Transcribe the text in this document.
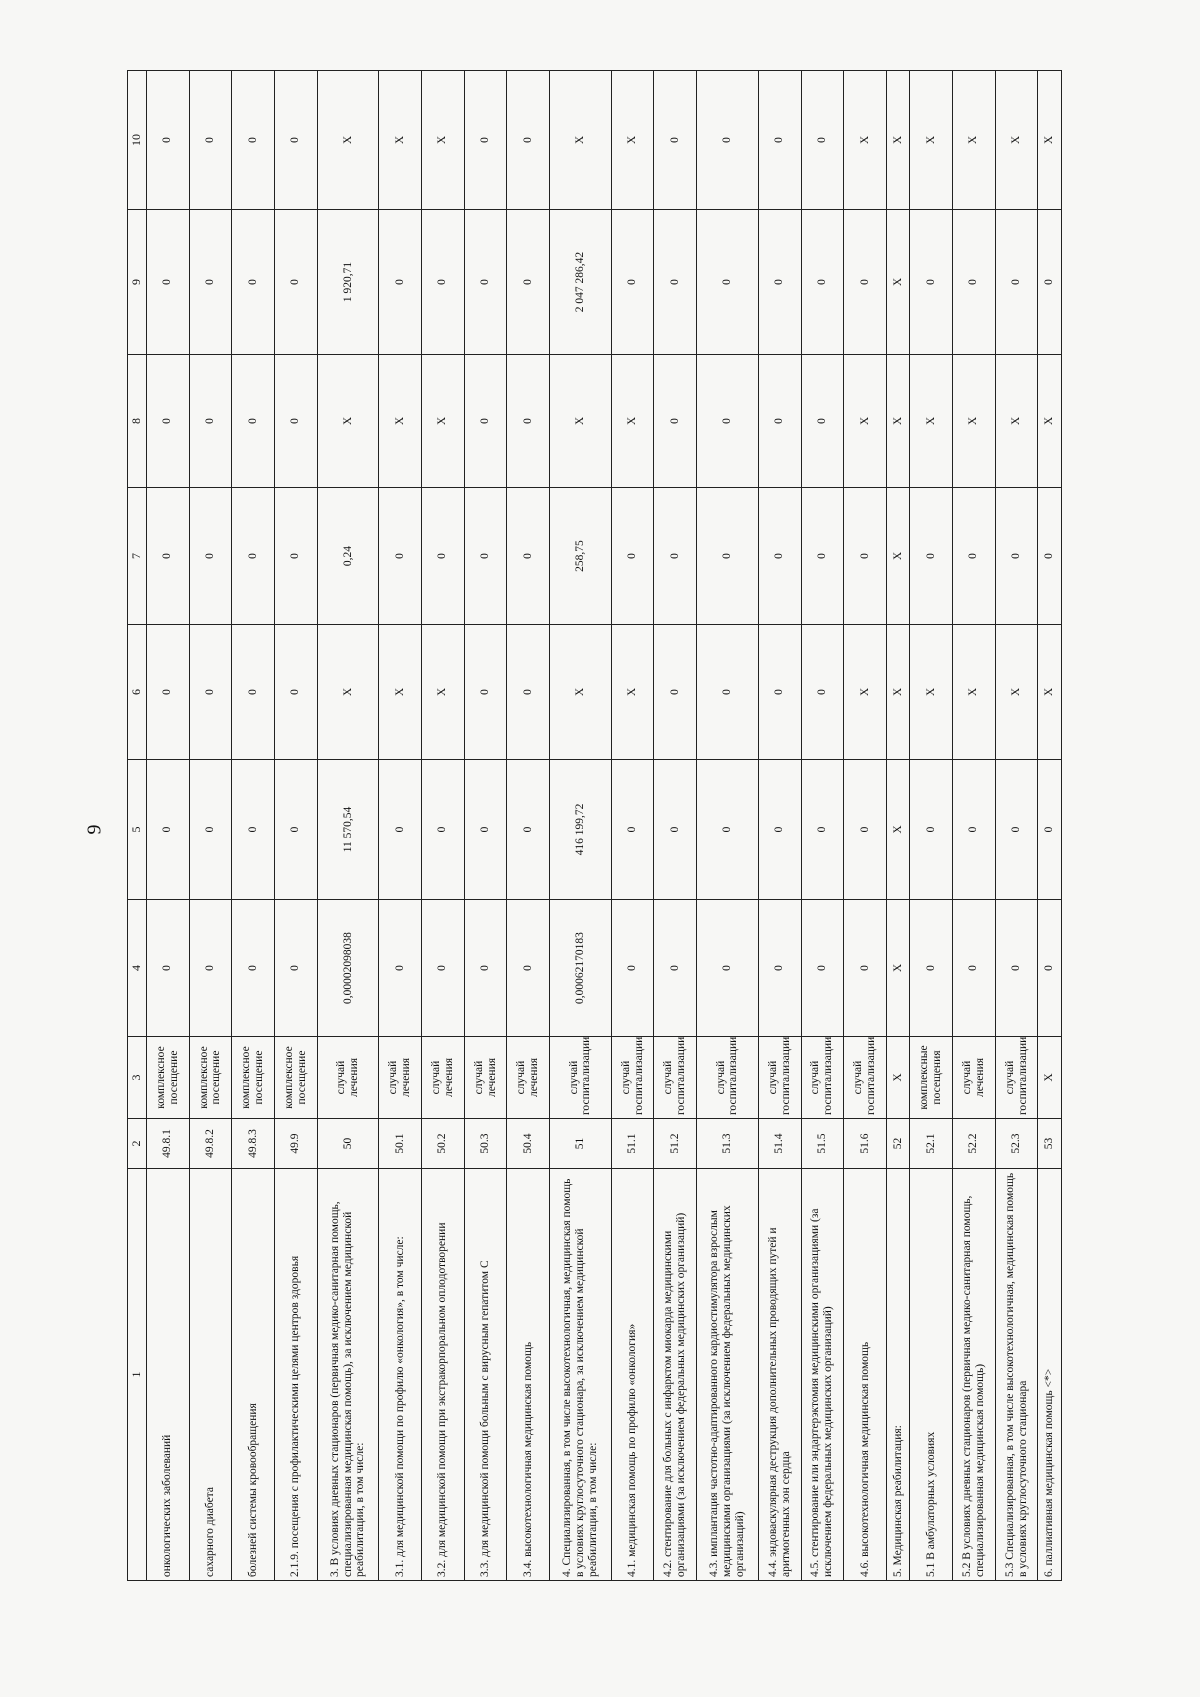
9
1	2	3	4	5	6	7	8	9	10
онкологических заболеваний	49.8.1	комплексное посещение	0	0	0	0	0	0	0
сахарного диабета	49.8.2	комплексное посещение	0	0	0	0	0	0	0
болезней системы кровообращения	49.8.3	комплексное посещение	0	0	0	0	0	0	0
2.1.9. посещения с профилактическими целями центров здоровья	49.9	комплексное посещение	0	0	0	0	0	0	0
3. В условиях дневных стационаров (первичная медико-санитарная помощь, специализированная медицинская помощь), за исключением медицинской реабилитации, в том числе:	50	случай лечения	0,00002098038	11 570,54	Х	0,24	Х	1 920,71	Х
3.1. для медицинской помощи по профилю «онкология», в том числе:	50.1	случай лечения	0	0	Х	0	Х	0	Х
3.2. для медицинской помощи при экстракорпоральном оплодотворении	50.2	случай лечения	0	0	Х	0	Х	0	Х
3.3. для медицинской помощи больным с вирусным гепатитом С	50.3	случай лечения	0	0	0	0	0	0	0
3.4. высокотехнологичная медицинская помощь	50.4	случай лечения	0	0	0	0	0	0	0
4. Специализированная, в том числе высокотехнологичная, медицинская помощь в условиях круглосуточного стационара, за исключением медицинской реабилитации, в том числе:	51	случай госпитализации	0,00062170183	416 199,72	Х	258,75	Х	2 047 286,42	Х
4.1. медицинская помощь по профилю «онкология»	51.1	случай госпитализации	0	0	Х	0	Х	0	Х
4.2. стентирование для больных с инфарктом миокарда медицинскими организациями (за исключением федеральных медицинских организаций)	51.2	случай госпитализации	0	0	0	0	0	0	0
4.3. имплантация частотно-адаптированного кардиостимулятора взрослым медицинскими организациями (за исключением федеральных медицинских организаций)	51.3	случай госпитализации	0	0	0	0	0	0	0
4.4. эндоваскулярная деструкция дополнительных проводящих путей и аритмогенных зон сердца	51.4	случай госпитализации	0	0	0	0	0	0	0
4.5. стентирование или эндартерэктомия медицинскими организациями (за исключением федеральных медицинских организаций)	51.5	случай госпитализации	0	0	0	0	0	0	0
4.6. высокотехнологичная медицинская помощь	51.6	случай госпитализации	0	0	Х	0	Х	0	Х
5. Медицинская реабилитация:	52	Х	Х	Х	Х	Х	Х	Х	Х
5.1 В амбулаторных условиях	52.1	комплексные посещения	0	0	Х	0	Х	0	Х
5.2 В условиях дневных стационаров (первичная медико-санитарная помощь, специализированная медицинская помощь)	52.2	случай лечения	0	0	Х	0	Х	0	Х
5.3 Специализированная, в том числе высокотехнологичная, медицинская помощь в условиях круглосуточного стационара	52.3	случай госпитализации	0	0	Х	0	Х	0	Х
6. паллиативная медицинская помощь <*>	53	Х	0	0	Х	0	Х	0	Х
